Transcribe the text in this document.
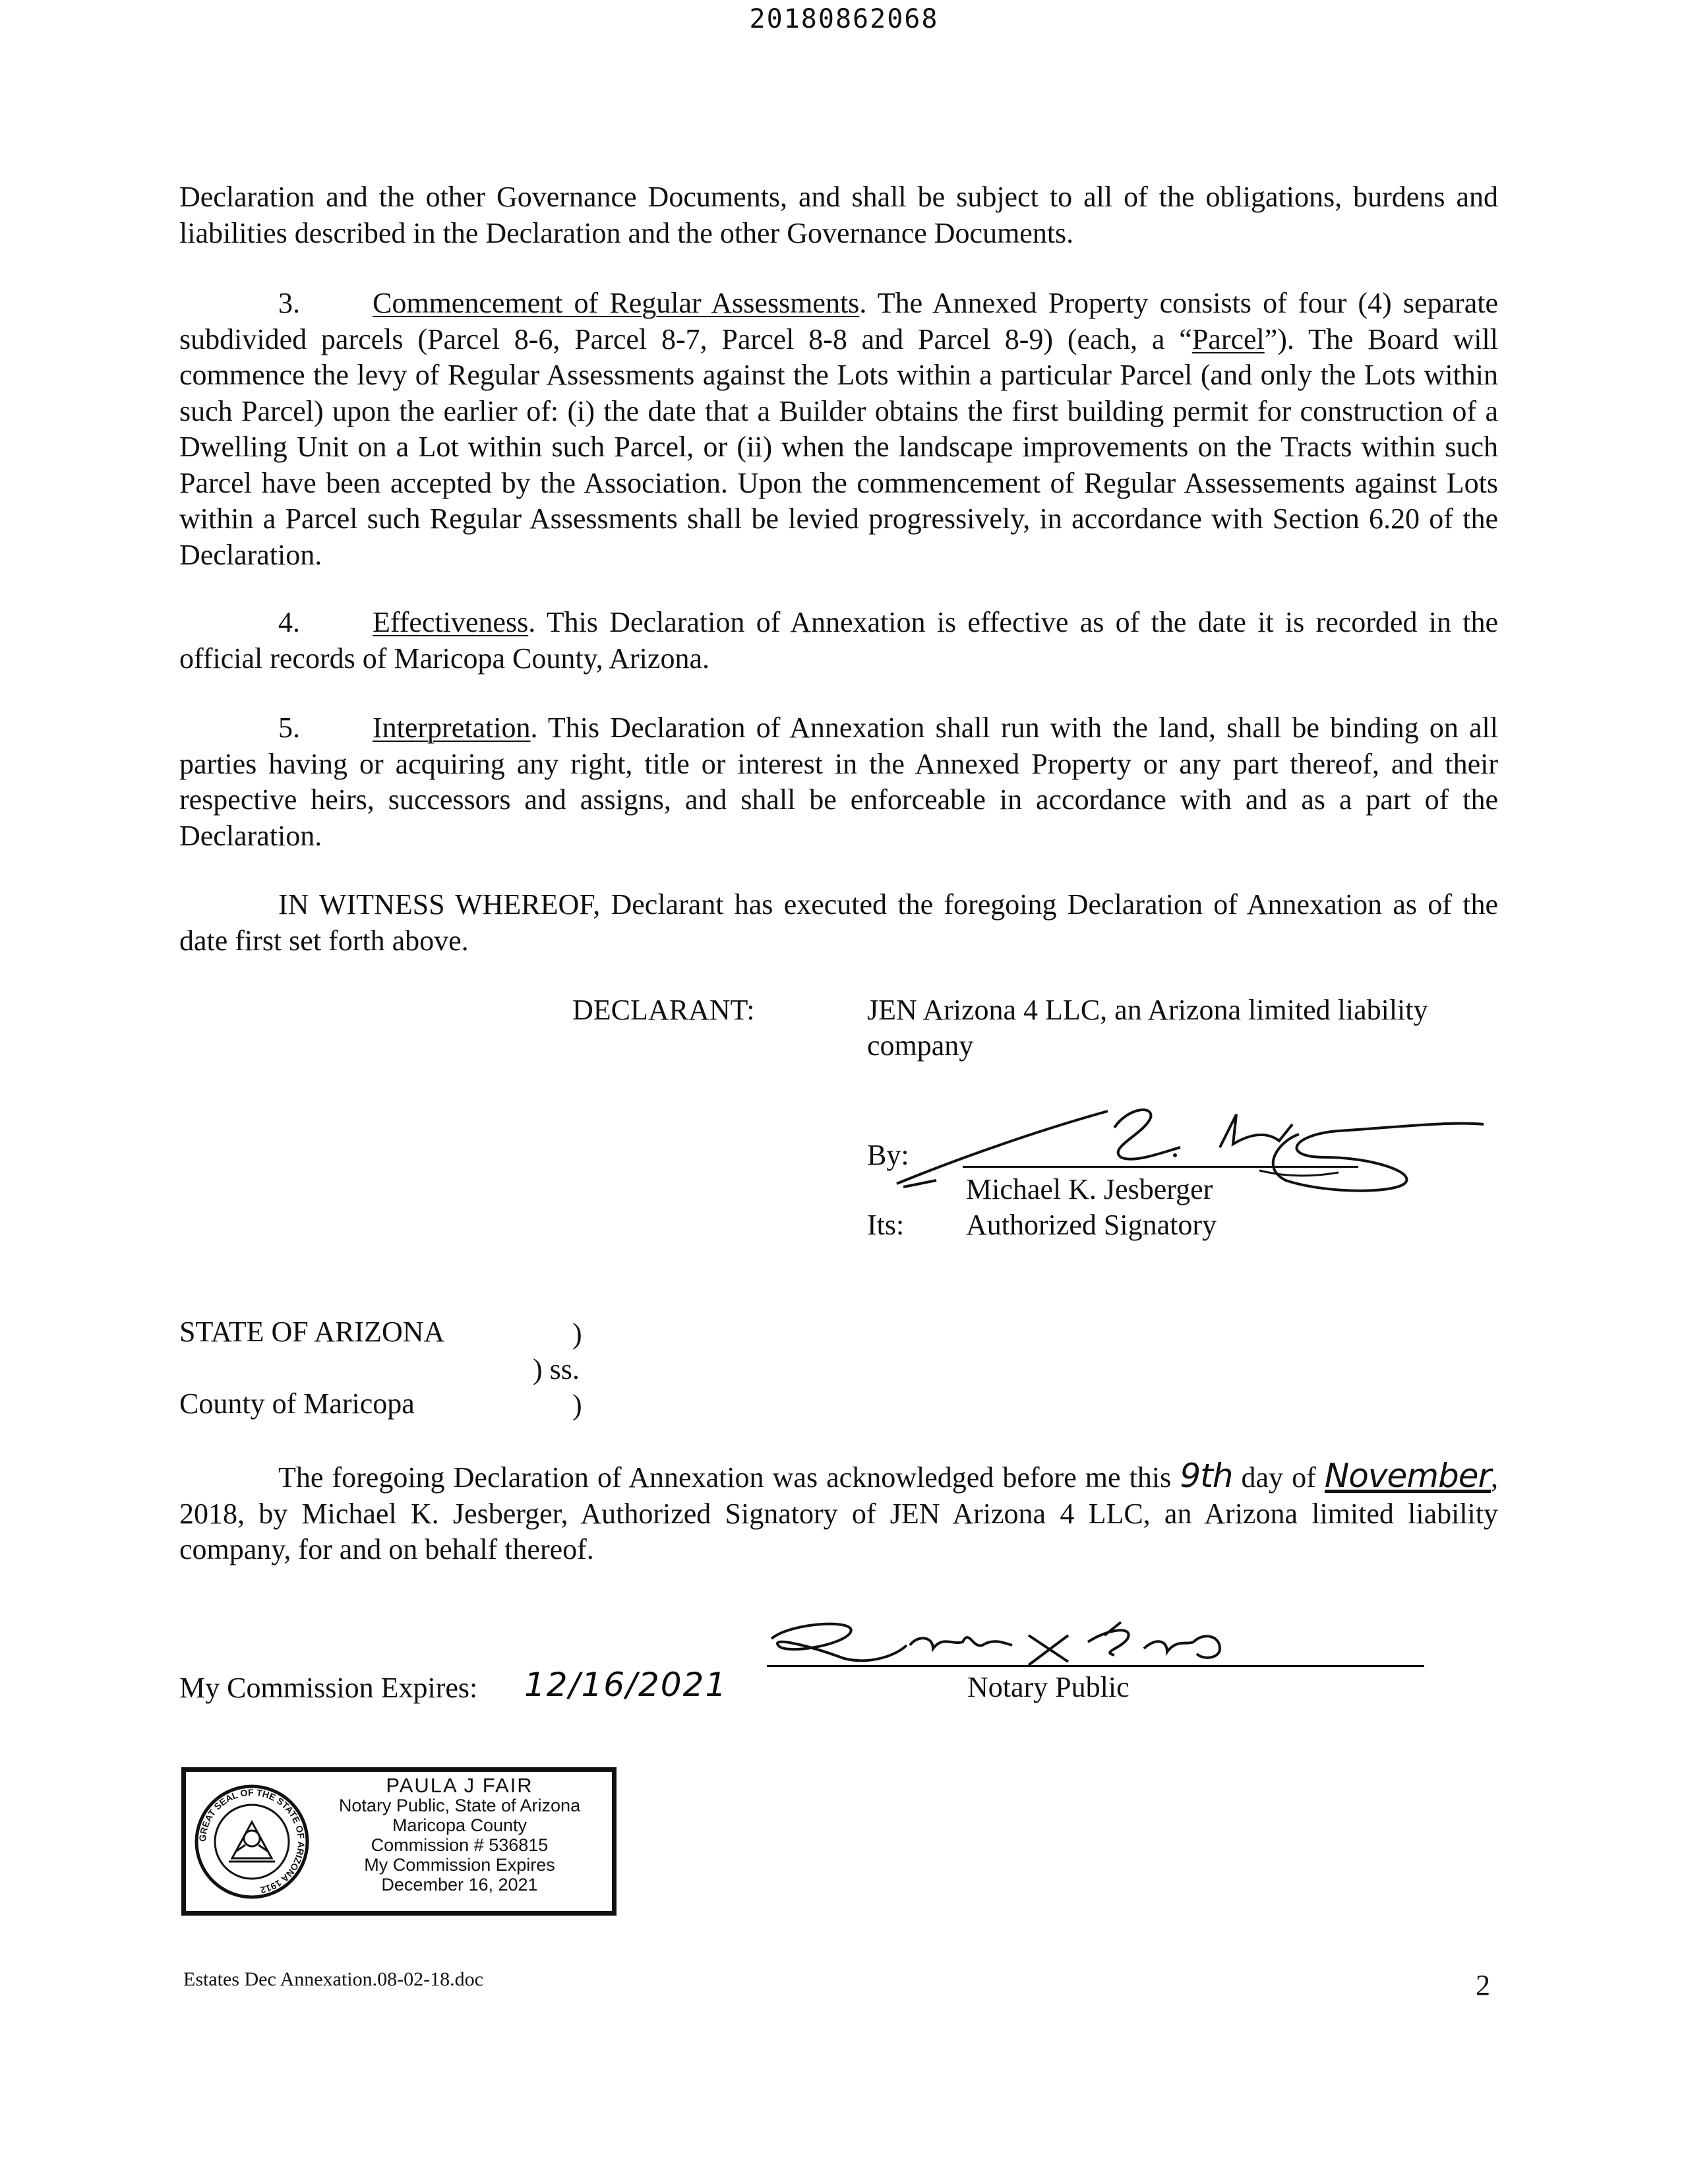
20180862068

Declaration and the other Governance Documents, and shall be subject to all of the obligations, burdens and liabilities described in the Declaration and the other Governance Documents.

3.	Commencement of Regular Assessments. The Annexed Property consists of four (4) separate subdivided parcels (Parcel 8-6, Parcel 8-7, Parcel 8-8 and Parcel 8-9) (each, a “Parcel”). The Board will commence the levy of Regular Assessments against the Lots within a particular Parcel (and only the Lots within such Parcel) upon the earlier of: (i) the date that a Builder obtains the first building permit for construction of a Dwelling Unit on a Lot within such Parcel, or (ii) when the landscape improvements on the Tracts within such Parcel have been accepted by the Association. Upon the commencement of Regular Assessements against Lots within a Parcel such Regular Assessments shall be levied progressively, in accordance with Section 6.20 of the Declaration.

4.	Effectiveness. This Declaration of Annexation is effective as of the date it is recorded in the official records of Maricopa County, Arizona.

5.	Interpretation. This Declaration of Annexation shall run with the land, shall be binding on all parties having or acquiring any right, title or interest in the Annexed Property or any part thereof, and their respective heirs, successors and assigns, and shall be enforceable in accordance with and as a part of the Declaration.

IN WITNESS WHEREOF, Declarant has executed the foregoing Declaration of Annexation as of the date first set forth above.

DECLARANT:	JEN Arizona 4 LLC, an Arizona limited liability
company
By:
Michael K. Jesberger
Its: Authorized Signatory
STATE OF ARIZONA	)
) ss.
County of Maricopa	)

The foregoing Declaration of Annexation was acknowledged before me this 9th day of November, 2018, by Michael K. Jesberger, Authorized Signatory of JEN Arizona 4 LLC, an Arizona limited liability company, for and on behalf thereof.

My Commission Expires: 12/16/2021	Notary Public
GREAT SEAL OF THE STATE OF ARIZONA 1912
PAULA J FAIR
Notary Public, State of Arizona
Maricopa County
Commission # 536815
My Commission Expires
December 16, 2021
Estates Dec Annexation.08-02-18.doc	2
